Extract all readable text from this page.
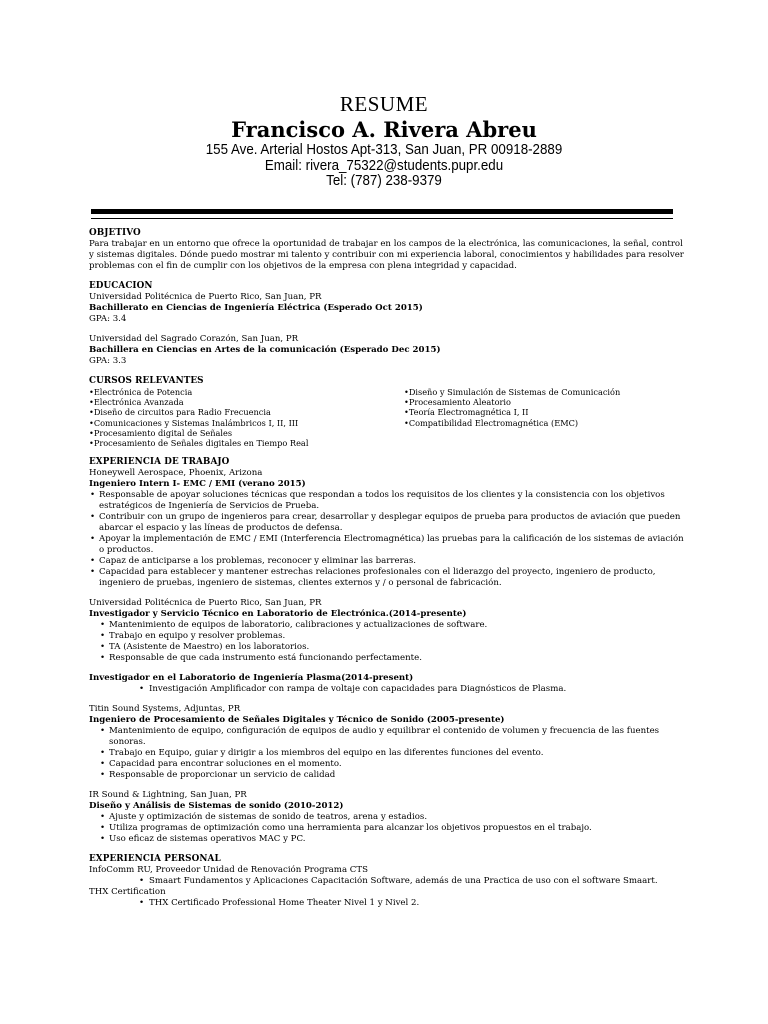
RESUME
Francisco A. Rivera Abreu
155 Ave. Arterial Hostos Apt-313, San Juan, PR 00918-2889
Email: rivera_75322@students.pupr.edu
Tel: (787) 238-9379
OBJETIVO

Para trabajar en un entorno que ofrece la oportunidad de trabajar en los campos de la electrónica, las comunicaciones, la señal, control y sistemas digitales. Dónde puedo mostrar mi talento y contribuir con mi experiencia laboral, conocimientos y habilidades para resolver problemas con el fin de cumplir con los objetivos de la empresa con plena integridad y capacidad.

EDUCACION
Universidad Politécnica de Puerto Rico, San Juan, PR
Bachillerato en Ciencias de Ingeniería Eléctrica (Esperado Oct 2015)
GPA: 3.4
Universidad del Sagrado Corazón, San Juan, PR
Bachillera en Ciencias en Artes de la comunicación (Esperado Dec 2015)
GPA: 3.3
CURSOS RELEVANTES
•Electrónica de Potencia
•Electrónica Avanzada
•Diseño de circuitos para Radio Frecuencia
•Comunicaciones y Sistemas Inalámbricos I, II, III
•Procesamiento digital de Señales
•Procesamiento de Señales digitales en Tiempo Real
•Diseño y Simulación de Sistemas de Comunicación
•Procesamiento Aleatorio
•Teoría Electromagnética I, II
•Compatibilidad Electromagnética (EMC)
EXPERIENCIA DE TRABAJO
Honeywell Aerospace, Phoenix, Arizona
Ingeniero Intern I- EMC / EMI (verano 2015)
• Responsable de apoyar soluciones técnicas que respondan a todos los requisitos de los clientes y la consistencia con los objetivos estratégicos de Ingeniería de Servicios de Prueba.
• Contribuir con un grupo de ingenieros para crear, desarrollar y desplegar equipos de prueba para productos de aviación que pueden abarcar el espacio y las líneas de productos de defensa.
• Apoyar la implementación de EMC / EMI (Interferencia Electromagnética) las pruebas para la calificación de los sistemas de aviación o productos.
• Capaz de anticiparse a los problemas, reconocer y eliminar las barreras.
• Capacidad para establecer y mantener estrechas relaciones profesionales con el liderazgo del proyecto, ingeniero de producto, ingeniero de pruebas, ingeniero de sistemas, clientes externos y / o personal de fabricación.
Universidad Politécnica de Puerto Rico, San Juan, PR
Investigador y Servicio Técnico en Laboratorio de Electrónica.(2014-presente)
• Mantenimiento de equipos de laboratorio, calibraciones y actualizaciones de software.
• Trabajo en equipo y resolver problemas.
• TA (Asistente de Maestro) en los laboratorios.
• Responsable de que cada instrumento está funcionando perfectamente.
Investigador en el Laboratorio de Ingeniería Plasma(2014-present)
• Investigación Amplificador con rampa de voltaje con capacidades para Diagnósticos de Plasma.
Titin Sound Systems, Adjuntas, PR
Ingeniero de Procesamiento de Señales Digitales y Técnico de Sonido (2005-presente)
• Mantenimiento de equipo, configuración de equipos de audio y equilibrar el contenido de volumen y frecuencia de las fuentes sonoras.
• Trabajo en Equipo, guiar y dirigir a los miembros del equipo en las diferentes funciones del evento.
• Capacidad para encontrar soluciones en el momento.
• Responsable de proporcionar un servicio de calidad
IR Sound & Lightning, San Juan, PR
Diseño y Análisis de Sistemas de sonido (2010-2012)
• Ajuste y optimización de sistemas de sonido de teatros, arena y estadios.
• Utiliza programas de optimización como una herramienta para alcanzar los objetivos propuestos en el trabajo.
• Uso eficaz de sistemas operativos MAC y PC.
EXPERIENCIA PERSONAL
InfoComm RU, Proveedor Unidad de Renovación Programa CTS
• Smaart Fundamentos y Aplicaciones Capacitación Software, además de una Practica de uso con el software Smaart.
THX Certification
• THX Certificado Professional Home Theater Nivel 1 y Nivel 2.
